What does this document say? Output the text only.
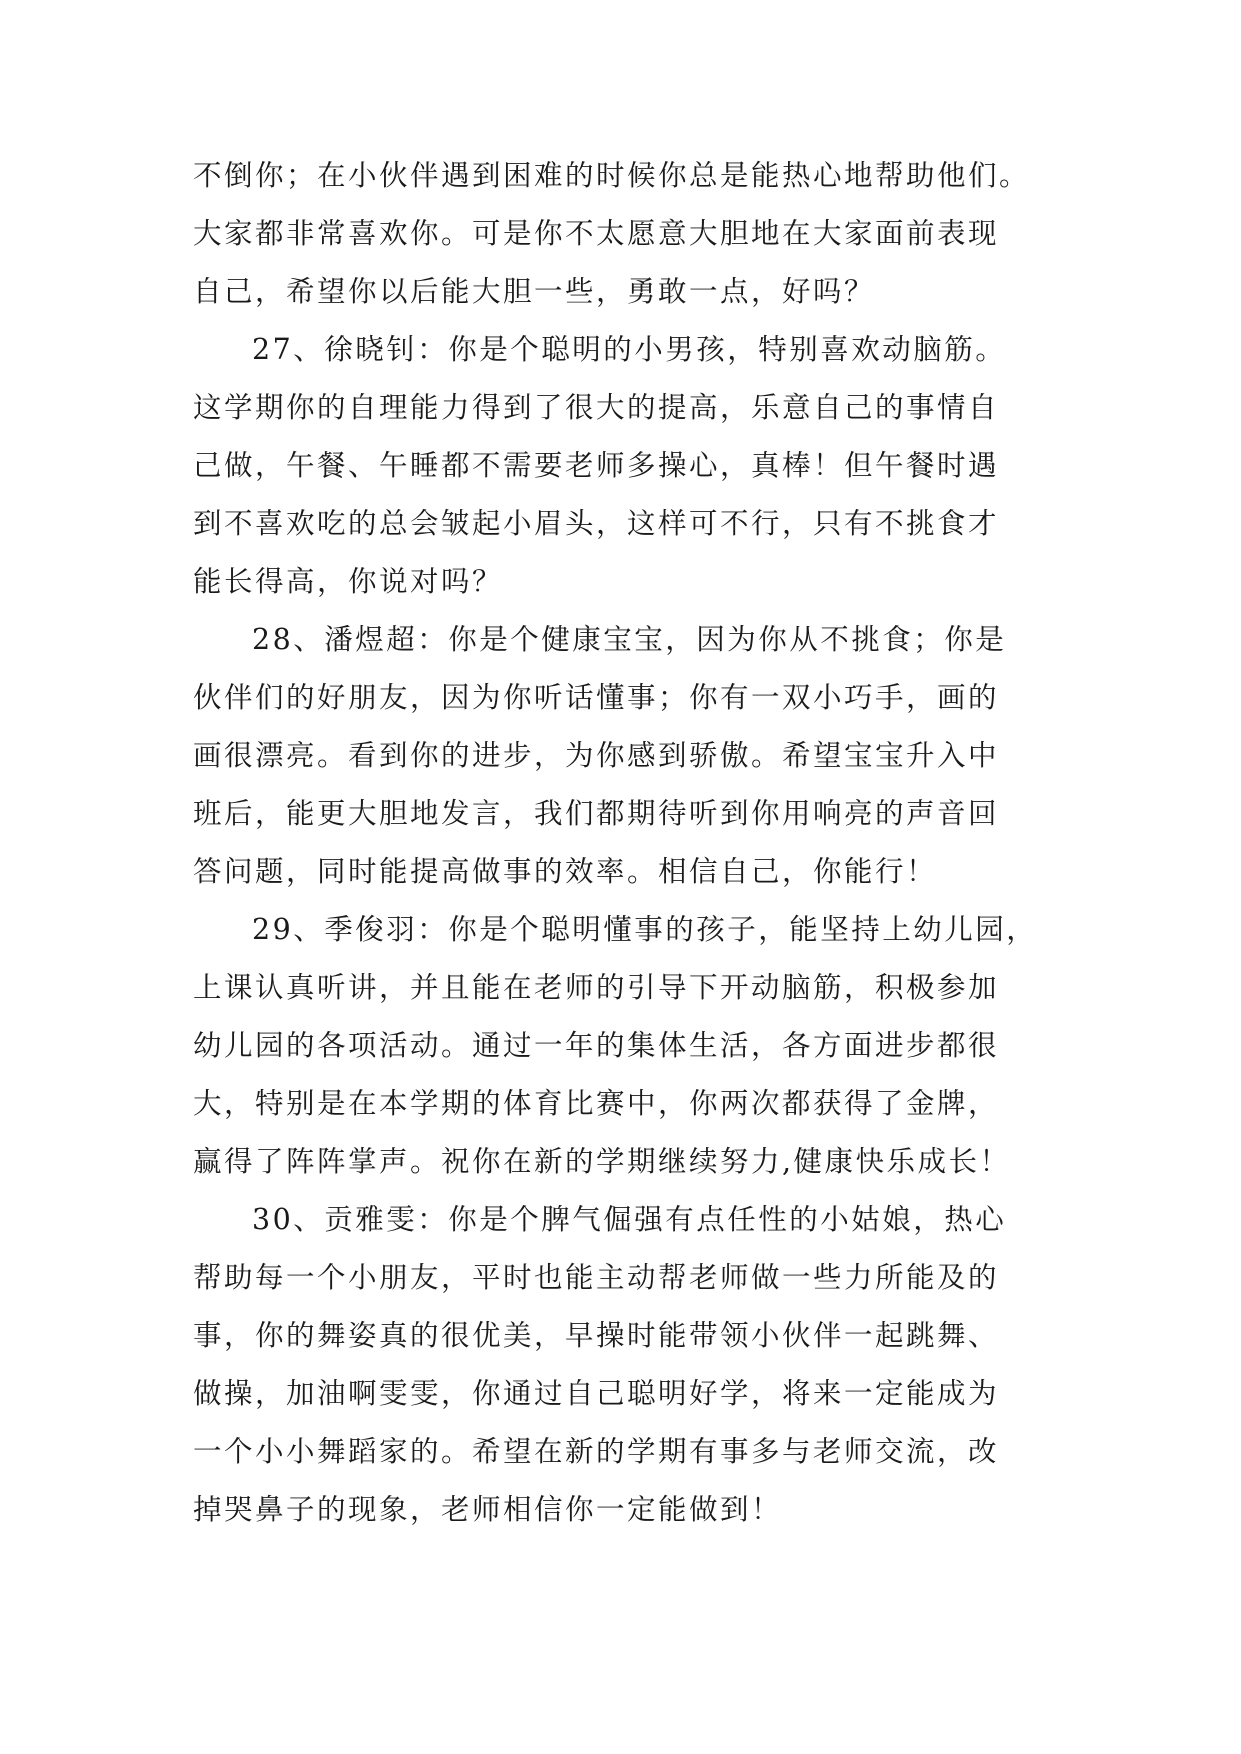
不倒你；在小伙伴遇到困难的时候你总是能热心地帮助他们。
大家都非常喜欢你。可是你不太愿意大胆地在大家面前表现
自己，希望你以后能大胆一些，勇敢一点，好吗？
27、徐晓钊：你是个聪明的小男孩，特别喜欢动脑筋。
这学期你的自理能力得到了很大的提高，乐意自己的事情自
己做，午餐、午睡都不需要老师多操心，真棒！但午餐时遇
到不喜欢吃的总会皱起小眉头，这样可不行，只有不挑食才
能长得高，你说对吗？
28、潘煜超：你是个健康宝宝，因为你从不挑食；你是
伙伴们的好朋友，因为你听话懂事；你有一双小巧手，画的
画很漂亮。看到你的进步，为你感到骄傲。希望宝宝升入中
班后，能更大胆地发言，我们都期待听到你用响亮的声音回
答问题，同时能提高做事的效率。相信自己，你能行！
29、季俊羽：你是个聪明懂事的孩子，能坚持上幼儿园，
上课认真听讲，并且能在老师的引导下开动脑筋，积极参加
幼儿园的各项活动。通过一年的集体生活，各方面进步都很
大，特别是在本学期的体育比赛中，你两次都获得了金牌，
赢得了阵阵掌声。祝你在新的学期继续努力,健康快乐成长！
30、贡雅雯：你是个脾气倔强有点任性的小姑娘，热心
帮助每一个小朋友，平时也能主动帮老师做一些力所能及的
事，你的舞姿真的很优美，早操时能带领小伙伴一起跳舞、
做操，加油啊雯雯，你通过自己聪明好学，将来一定能成为
一个小小舞蹈家的。希望在新的学期有事多与老师交流，改
掉哭鼻子的现象，老师相信你一定能做到！
